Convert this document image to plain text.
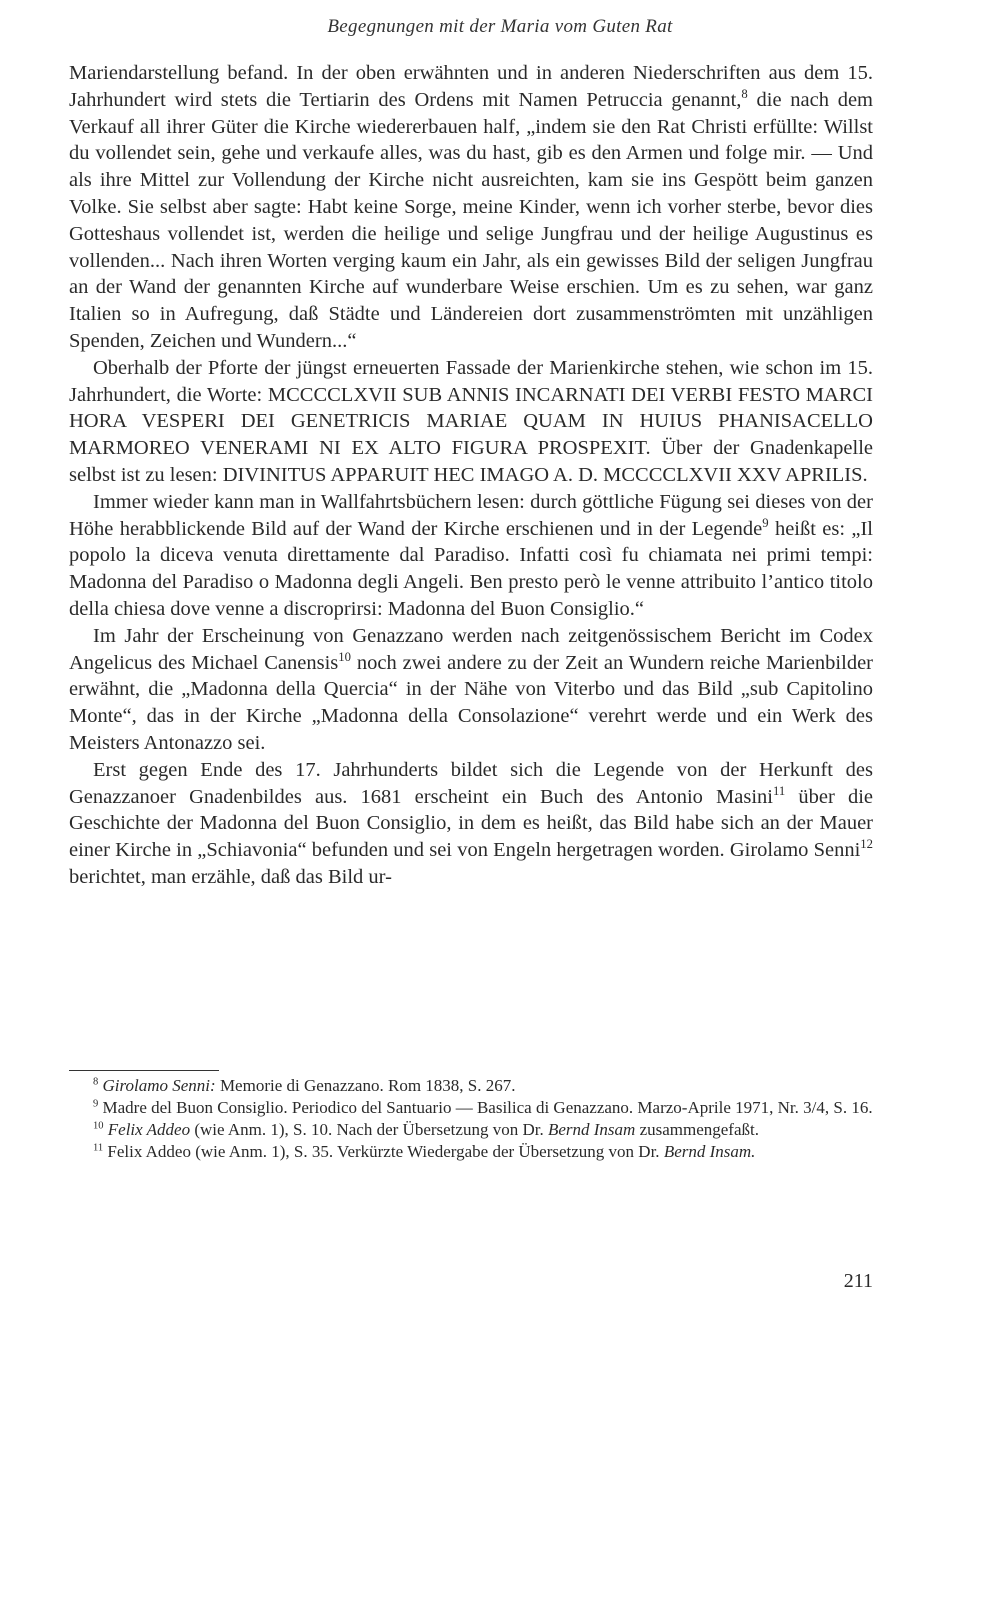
Begegnungen mit der Maria vom Guten Rat

Mariendarstellung befand. In der oben erwähnten und in anderen Niederschriften aus dem 15. Jahrhundert wird stets die Tertiarin des Ordens mit Namen Petruccia genannt,$^8$ die nach dem Verkauf all ihrer Güter die Kirche wiedererbauen half, „indem sie den Rat Christi erfüllte: Willst du vollendet sein, gehe und verkaufe alles, was du hast, gib es den Armen und folge mir. — Und als ihre Mittel zur Vollendung der Kirche nicht ausreichten, kam sie ins Gespött beim ganzen Volke. Sie selbst aber sagte: Habt keine Sorge, meine Kinder, wenn ich vorher sterbe, bevor dies Gotteshaus vollendet ist, werden die heilige und selige Jungfrau und der heilige Augustinus es vollenden... Nach ihren Worten verging kaum ein Jahr, als ein gewisses Bild der seligen Jungfrau an der Wand der genannten Kirche auf wunderbare Weise erschien. Um es zu sehen, war ganz Italien so in Aufregung, daß Städte und Ländereien dort zusammenströmten mit unzähligen Spenden, Zeichen und Wundern...“

Oberhalb der Pforte der jüngst erneuerten Fassade der Marienkirche stehen, wie schon im 15. Jahrhundert, die Worte: MCCCCLXVII SUB ANNIS INCARNATI DEI VERBI FESTO MARCI HORA VESPERI DEI GENETRICIS MARIAE QUAM IN HUIUS PHANISACELLO MARMOREO VENERAMI NI EX ALTO FIGURA PROSPEXIT. Über der Gnadenkapelle selbst ist zu lesen: DIVINITUS APPARUIT HEC IMAGO A. D. MCCCCLXVII XXV APRILIS.

Immer wieder kann man in Wallfahrtsbüchern lesen: durch göttliche Fügung sei dieses von der Höhe herabblickende Bild auf der Wand der Kirche erschienen und in der Legende$^9$ heißt es: „Il popolo la diceva venuta direttamente dal Paradiso. Infatti così fu chiamata nei primi tempi: Madonna del Paradiso o Madonna degli Angeli. Ben presto però le venne attribuito l’antico titolo della chiesa dove venne a discroprirsi: Madonna del Buon Consiglio.“

Im Jahr der Erscheinung von Genazzano werden nach zeitgenössischem Bericht im Codex Angelicus des Michael Canensis$^{10}$ noch zwei andere zu der Zeit an Wundern reiche Marienbilder erwähnt, die „Madonna della Quercia“ in der Nähe von Viterbo und das Bild „sub Capitolino Monte“, das in der Kirche „Madonna della Consolazione“ verehrt werde und ein Werk des Meisters Antonazzo sei.

Erst gegen Ende des 17. Jahrhunderts bildet sich die Legende von der Herkunft des Genazzanoer Gnadenbildes aus. 1681 erscheint ein Buch des Antonio Masini$^{11}$ über die Geschichte der Madonna del Buon Consiglio, in dem es heißt, das Bild habe sich an der Mauer einer Kirche in „Schiavonia“ befunden und sei von Engeln hergetragen worden. Girolamo Senni$^{12}$ berichtet, man erzähle, daß das Bild ur-

$^8$ Girolamo Senni: Memorie di Genazzano. Rom 1838, S. 267.

$^9$ Madre del Buon Consiglio. Periodico del Santuario — Basilica di Genazzano. Marzo-Aprile 1971, Nr. 3/4, S. 16.

$^{10}$ Felix Addeo (wie Anm. 1), S. 10. Nach der Übersetzung von Dr. Bernd Insam zusammengefaßt.

$^{11}$ Felix Addeo (wie Anm. 1), S. 35. Verkürzte Wiedergabe der Übersetzung von Dr. Bernd Insam.

211
